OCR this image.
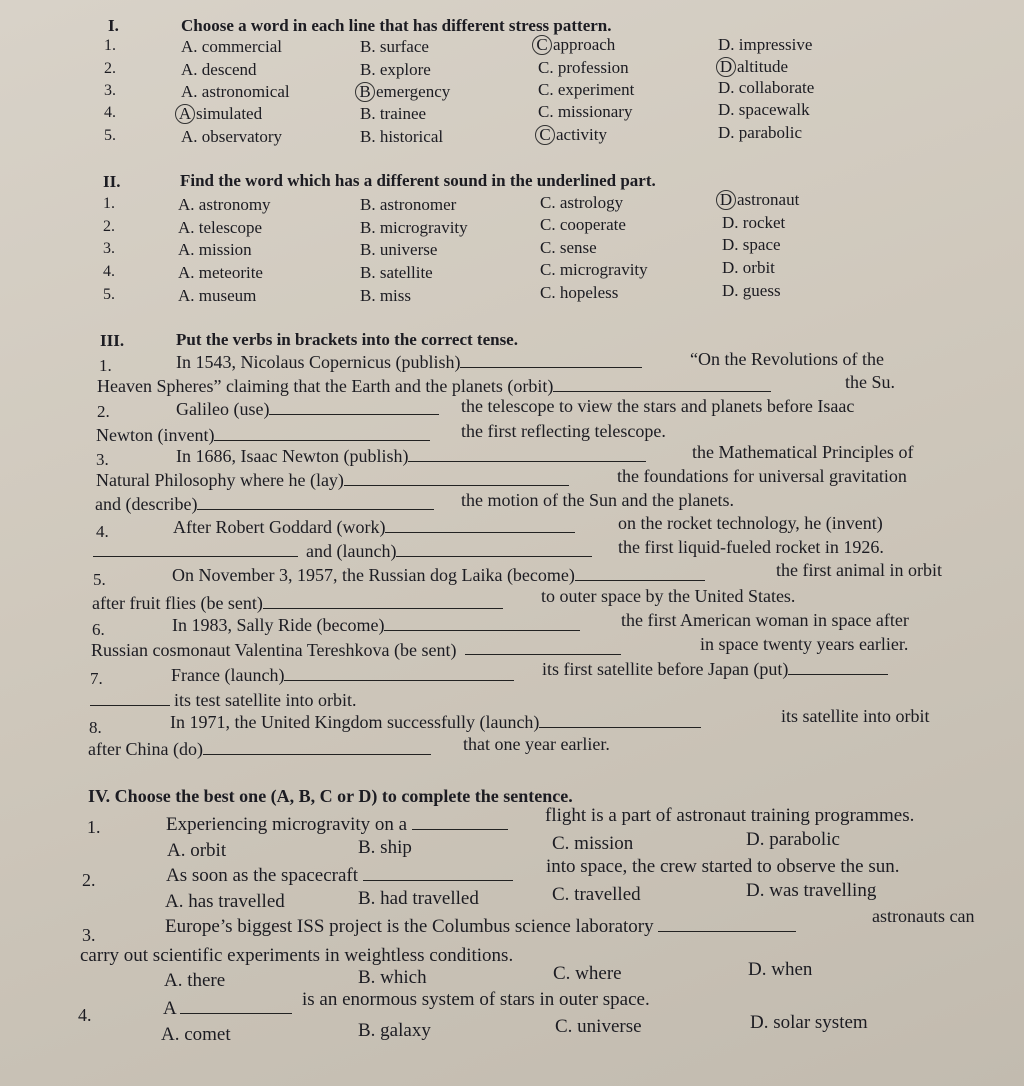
I.	Choose a word in each line that has different stress pattern.
1.	A. commercial	B. surface	C approach	D. impressive
2.	A. descend	B. explore	C. profession	D altitude
3.	A. astronomical	B emergency	C. experiment	D. collaborate
4.	A simulated	B. trainee	C. missionary	D. spacewalk
5.	A. observatory	B. historical	C activity	D. parabolic
II.	Find the word which has a different sound in the underlined part.
1.	A. astronomy	B. astronomer	C. astrology	D astronaut
2.	A. telescope	B. microgravity	C. cooperate	D. rocket
3.	A. mission	B. universe	C. sense	D. space
4.	A. meteorite	B. satellite	C. microgravity	D. orbit
5.	A. museum	B. miss	C. hopeless	D. guess
III.	Put the verbs in brackets into the correct tense.
1.	In 1543, Nicolaus Copernicus (publish)	“On the Revolutions of the
Heaven Spheres” claiming that the Earth and the planets (orbit)	the Su.
2.	Galileo (use)	the telescope to view the stars and planets before Isaac
Newton (invent)	the first reflecting telescope.
3.	In 1686, Isaac Newton (publish)	the Mathematical Principles of
Natural Philosophy where he (lay)	the foundations for universal gravitation
and (describe)	the motion of the Sun and the planets.
4.	After Robert Goddard (work)	on the rocket technology, he (invent)
and (launch)	the first liquid-fueled rocket in 1926.
5.	On November 3, 1957, the Russian dog Laika (become)	the first animal in orbit
after fruit flies (be sent)	to outer space by the United States.
6.	In 1983, Sally Ride (become)	the first American woman in space after
Russian cosmonaut Valentina Tereshkova (be sent)	in space twenty years earlier.
7.	France (launch)	its first satellite before Japan (put)
its test satellite into orbit.
8.	In 1971, the United Kingdom successfully (launch)	its satellite into orbit
after China (do)	that one year earlier.
IV. Choose the best one (A, B, C or D) to complete the sentence.
1.	Experiencing microgravity on a	flight is a part of astronaut training programmes.
A. orbit	B. ship	C. mission	D. parabolic
2.	As soon as the spacecraft	into space, the crew started to observe the sun.
A. has travelled	B. had travelled	C. travelled	D. was travelling
3.	Europe’s biggest ISS project is the Columbus science laboratory	astronauts can
carry out scientific experiments in weightless conditions.
A. there	B. which	C. where	D. when
4.	A	is an enormous system of stars in outer space.
A. comet	B. galaxy	C. universe	D. solar system
